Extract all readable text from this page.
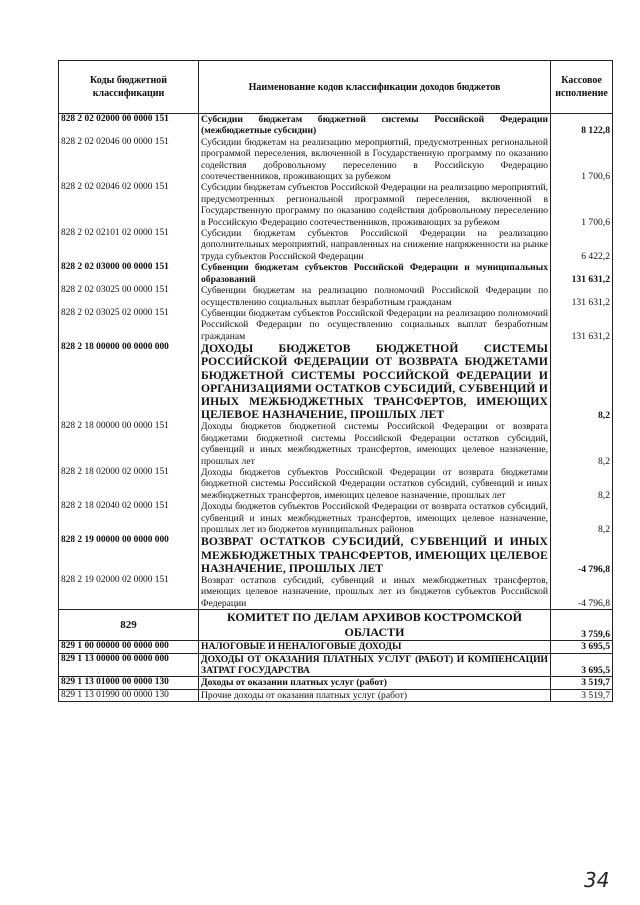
Коды бюджетной классификации	Наименование кодов классификации доходов бюджетов	Кассовое исполнение
828 2 02 02000 00 0000 151	Субсидии бюджетам бюджетной системы Российской Федерации (межбюджетные субсидии)	8 122,8
828 2 02 02046 00 0000 151	Субсидии бюджетам на реализацию мероприятий, предусмотренных региональной программой переселения, включенной в Государственную программу по оказанию содействия добровольному переселению в Российскую Федерацию соотечественников, проживающих за рубежом	1 700,6
828 2 02 02046 02 0000 151	Субсидии бюджетам субъектов Российской Федерации на реализацию мероприятий, предусмотренных региональной программой переселения, включенной в Государственную программу по оказанию содействия добровольному переселению в Российскую Федерацию соотечественников, проживающих за рубежом	1 700,6
828 2 02 02101 02 0000 151	Субсидии бюджетам субъектов Российской Федерации на реализацию дополнительных мероприятий, направленных на снижение напряженности на рынке труда субъектов Российской Федерации	6 422,2
828 2 02 03000 00 0000 151	Субвенции бюджетам субъектов Российской Федерации и муниципальных образований	131 631,2
828 2 02 03025 00 0000 151	Субвенции бюджетам на реализацию полномочий Российской Федерации по осуществлению социальных выплат безработным гражданам	131 631,2
828 2 02 03025 02 0000 151	Субвенции бюджетам субъектов Российской Федерации на реализацию полномочий Российской Федерации по осуществлению социальных выплат безработным гражданам	131 631,2
828 2 18 00000 00 0000 000	ДОХОДЫ БЮДЖЕТОВ БЮДЖЕТНОЙ СИСТЕМЫ РОССИЙСКОЙ ФЕДЕРАЦИИ ОТ ВОЗВРАТА БЮДЖЕТАМИ БЮДЖЕТНОЙ СИСТЕМЫ РОССИЙСКОЙ ФЕДЕРАЦИИ И ОРГАНИЗАЦИЯМИ ОСТАТКОВ СУБСИДИЙ, СУБВЕНЦИЙ И ИНЫХ МЕЖБЮДЖЕТНЫХ ТРАНСФЕРТОВ, ИМЕЮЩИХ ЦЕЛЕВОЕ НАЗНАЧЕНИЕ, ПРОШЛЫХ ЛЕТ	8,2
828 2 18 00000 00 0000 151	Доходы бюджетов бюджетной системы Российской Федерации от возврата бюджетами бюджетной системы Российской Федерации остатков субсидий, субвенций и иных межбюджетных трансфертов, имеющих целевое назначение, прошлых лет	8,2
828 2 18 02000 02 0000 151	Доходы бюджетов субъектов Российской Федерации от возврата бюджетами бюджетной системы Российской Федерации остатков субсидий, субвенций и иных межбюджетных трансфертов, имеющих целевое назначение, прошлых лет	8,2
828 2 18 02040 02 0000 151	Доходы бюджетов субъектов Российской Федерации от возврата остатков субсидий, субвенций и иных межбюджетных трансфертов, имеющих целевое назначение, прошлых лет из бюджетов муниципальных районов	8,2
828 2 19 00000 00 0000 000	ВОЗВРАТ ОСТАТКОВ СУБСИДИЙ, СУБВЕНЦИЙ И ИНЫХ МЕЖБЮДЖЕТНЫХ ТРАНСФЕРТОВ, ИМЕЮЩИХ ЦЕЛЕВОЕ НАЗНАЧЕНИЕ, ПРОШЛЫХ ЛЕТ	-4 796,8
828 2 19 02000 02 0000 151	Возврат остатков субсидий, субвенций и иных межбюджетных трансфертов, имеющих целевое назначение, прошлых лет из бюджетов субъектов Российской Федерации	-4 796,8
829	КОМИТЕТ ПО ДЕЛАМ АРХИВОВ КОСТРОМСКОЙ ОБЛАСТИ	3 759,6
829 1 00 00000 00 0000 000	НАЛОГОВЫЕ И НЕНАЛОГОВЫЕ ДОХОДЫ	3 695,5
829 1 13 00000 00 0000 000	ДОХОДЫ ОТ ОКАЗАНИЯ ПЛАТНЫХ УСЛУГ (РАБОТ) И КОМПЕНСАЦИИ ЗАТРАТ ГОСУДАРСТВА	3 695,5
829 1 13 01000 00 0000 130	Доходы от оказании платных услуг (работ)	3 519,7
829 1 13 01990 00 0000 130	Прочие доходы от оказания платных услуг (работ)	3 519,7
34
